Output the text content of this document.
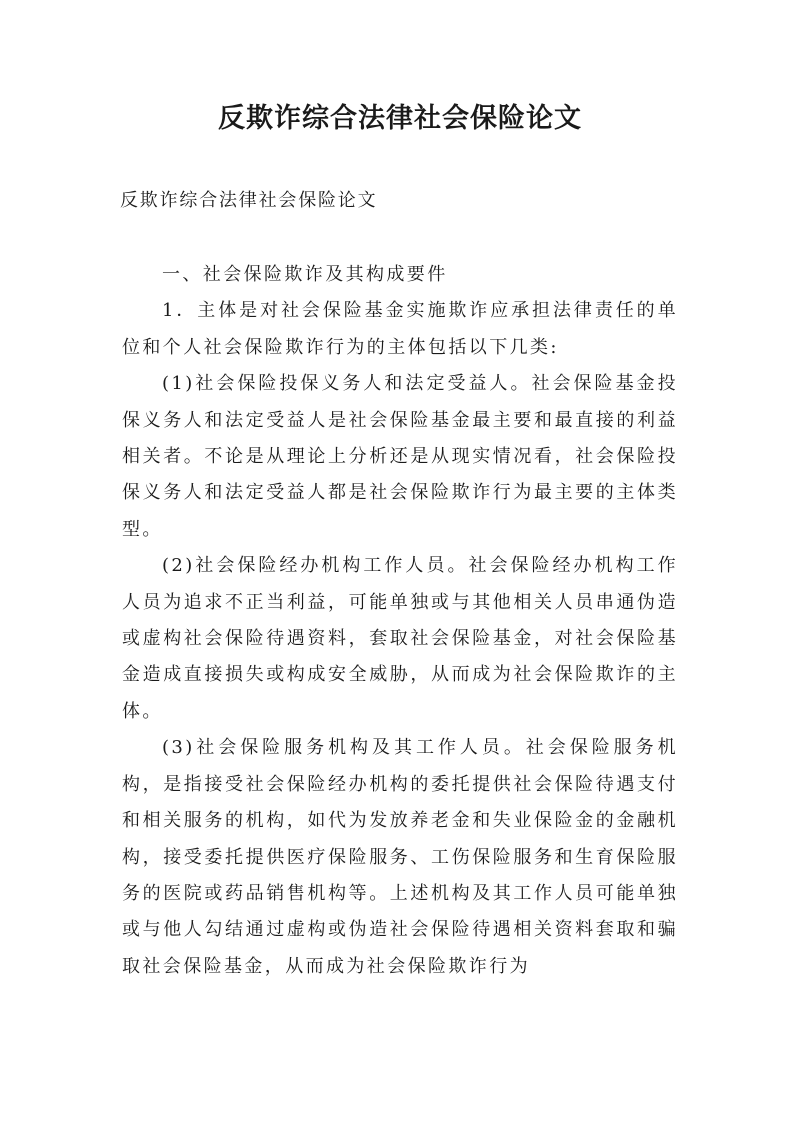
反欺诈综合法律社会保险论文

反欺诈综合法律社会保险论文

一、社会保险欺诈及其构成要件

1．主体是对社会保险基金实施欺诈应承担法律责任的单位和个人社会保险欺诈行为的主体包括以下几类:

(1)社会保险投保义务人和法定受益人。社会保险基金投保义务人和法定受益人是社会保险基金最主要和最直接的利益相关者。不论是从理论上分析还是从现实情况看，社会保险投保义务人和法定受益人都是社会保险欺诈行为最主要的主体类型。

(2)社会保险经办机构工作人员。社会保险经办机构工作人员为追求不正当利益，可能单独或与其他相关人员串通伪造或虚构社会保险待遇资料，套取社会保险基金，对社会保险基金造成直接损失或构成安全威胁，从而成为社会保险欺诈的主体。

(3)社会保险服务机构及其工作人员。社会保险服务机构，是指接受社会保险经办机构的委托提供社会保险待遇支付和相关服务的机构，如代为发放养老金和失业保险金的金融机构，接受委托提供医疗保险服务、工伤保险服务和生育保险服务的医院或药品销售机构等。上述机构及其工作人员可能单独或与他人勾结通过虚构或伪造社会保险待遇相关资料套取和骗取社会保险基金，从而成为社会保险欺诈行为
